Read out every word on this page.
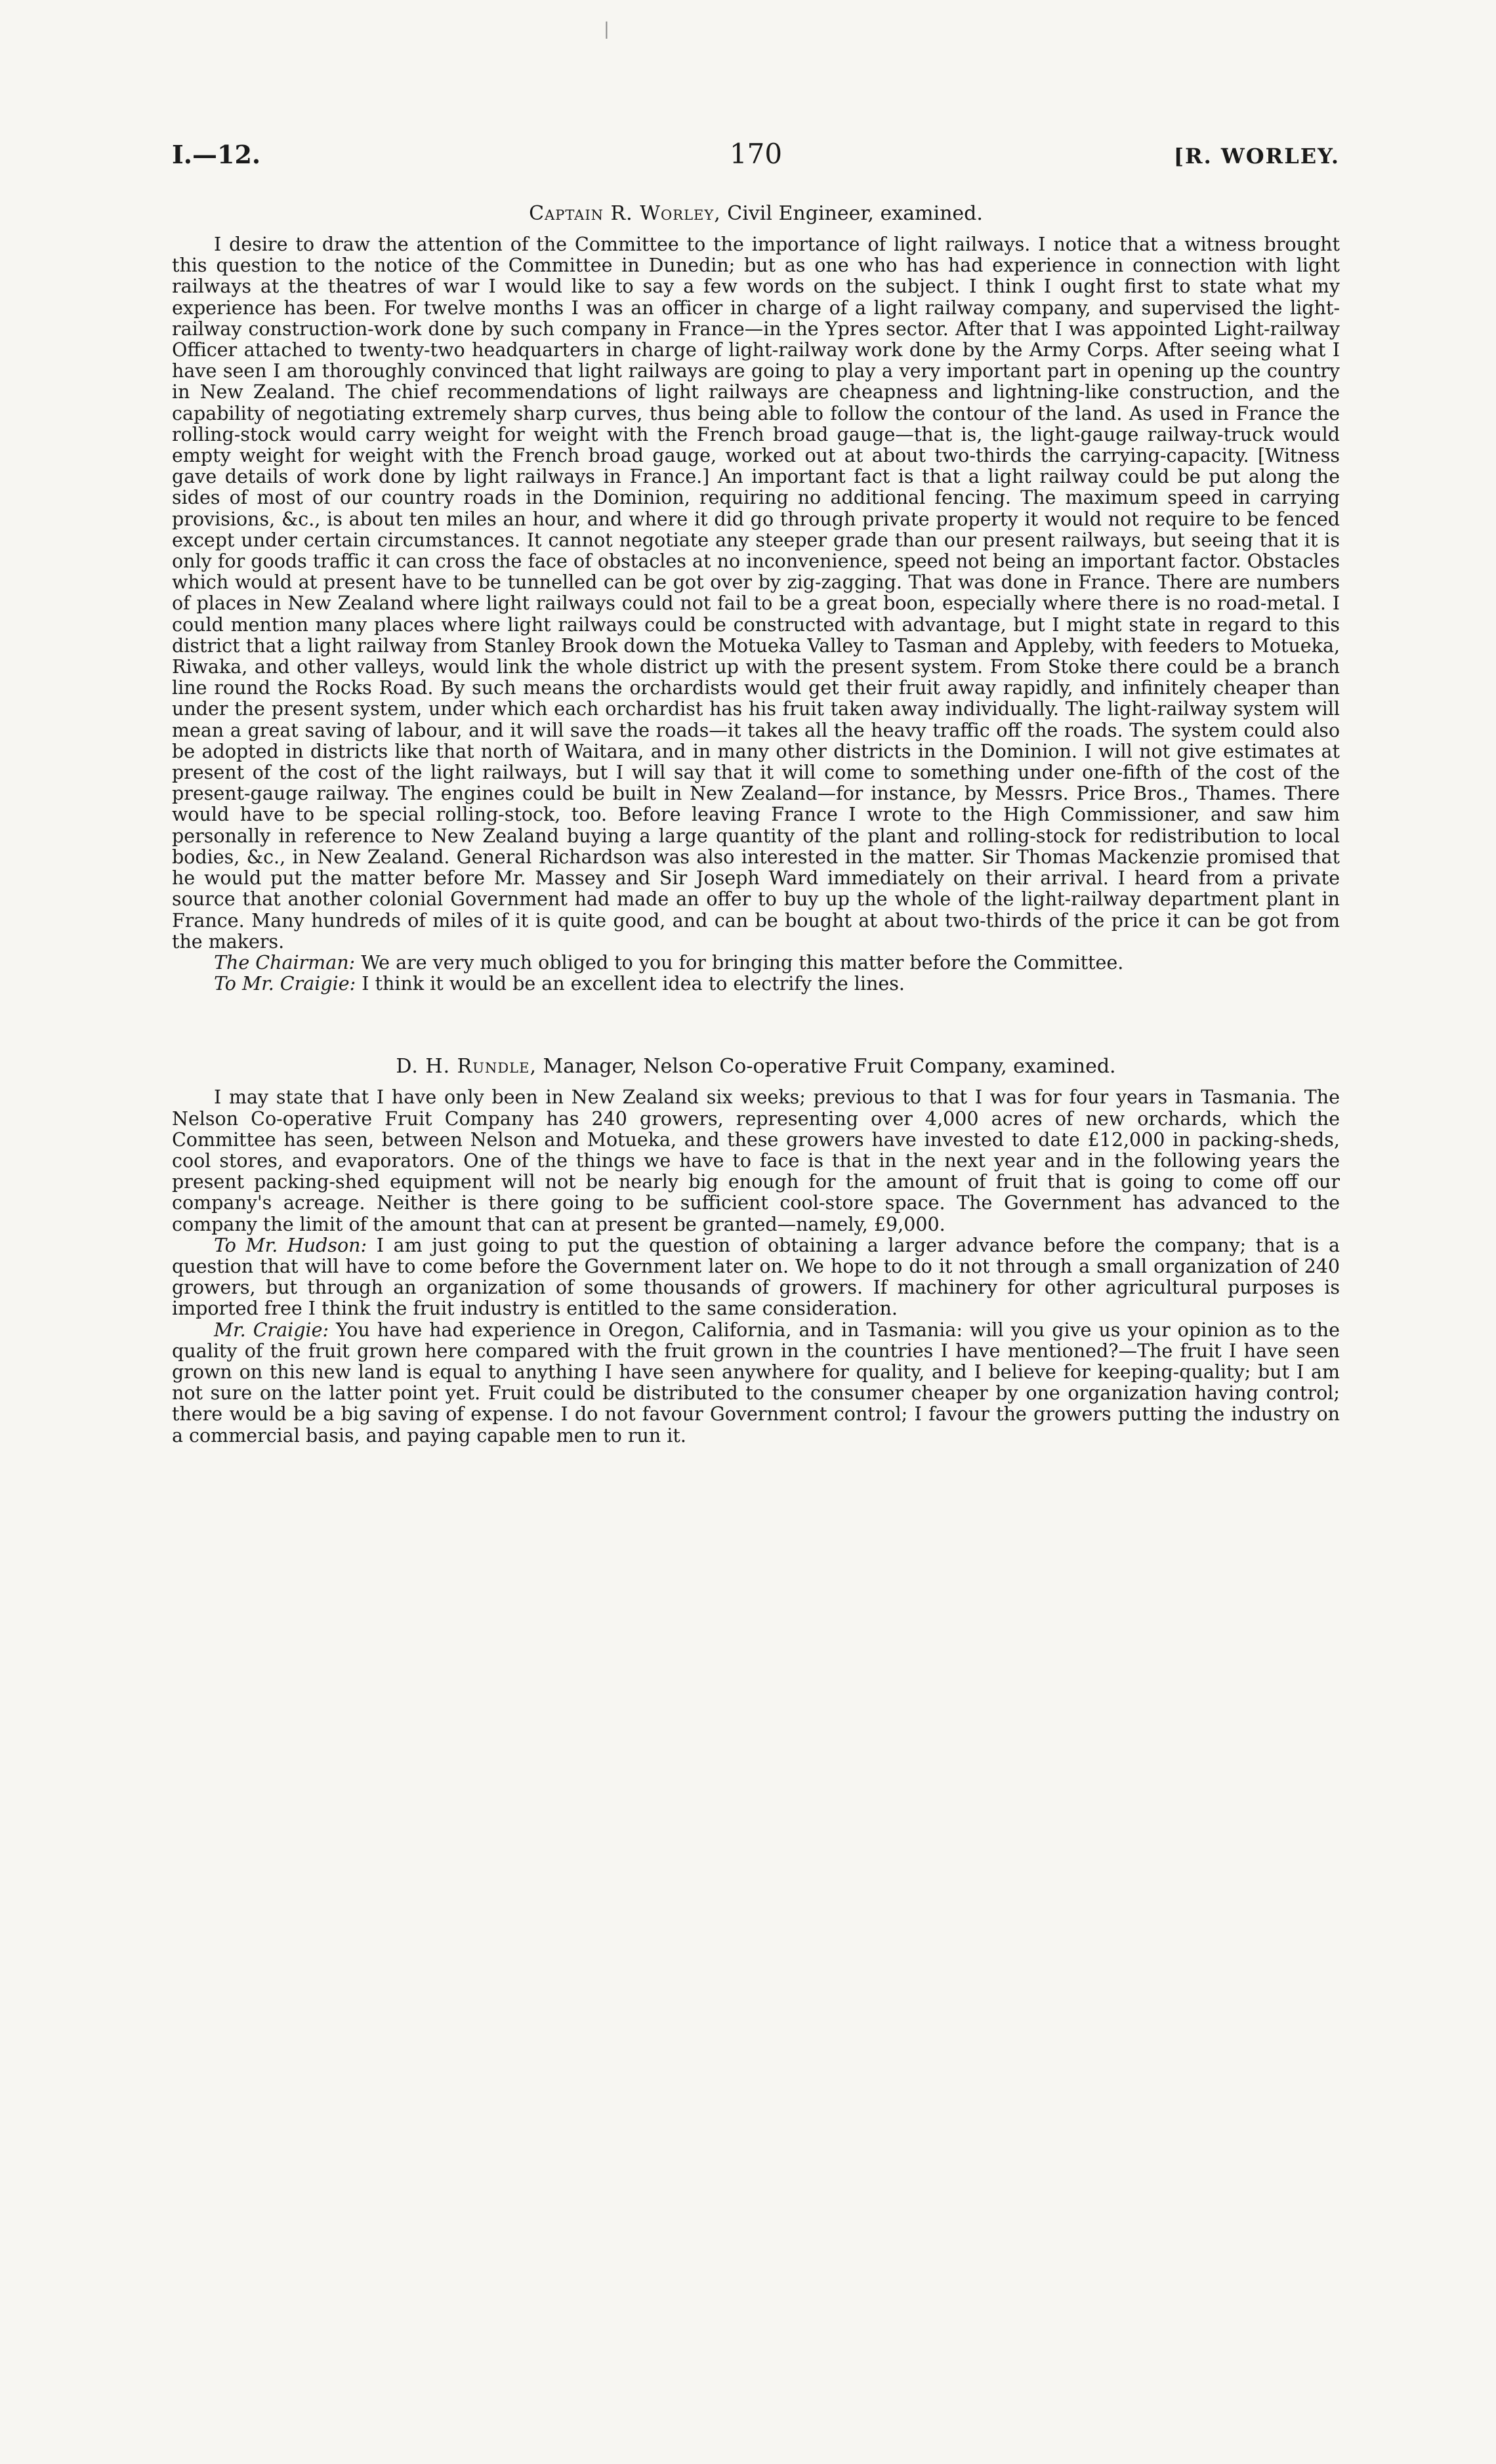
|
I.—12.	170	[R. WORLEY.
Captain R. Worley, Civil Engineer, examined.

I desire to draw the attention of the Committee to the importance of light railways. I notice that a witness brought this question to the notice of the Committee in Dunedin; but as one who has had experience in connection with light railways at the theatres of war I would like to say a few words on the subject. I think I ought first to state what my experience has been. For twelve months I was an officer in charge of a light railway company, and supervised the light-railway construction-work done by such company in France—in the Ypres sector. After that I was appointed Light-railway Officer attached to twenty-two headquarters in charge of light-railway work done by the Army Corps. After seeing what I have seen I am thoroughly convinced that light railways are going to play a very important part in opening up the country in New Zealand. The chief recommendations of light railways are cheapness and lightning-like construction, and the capability of negotiating extremely sharp curves, thus being able to follow the contour of the land. As used in France the rolling-stock would carry weight for weight with the French broad gauge—that is, the light-gauge railway-truck would empty weight for weight with the French broad gauge, worked out at about two-thirds the carrying-capacity. [Witness gave details of work done by light railways in France.] An important fact is that a light railway could be put along the sides of most of our country roads in the Dominion, requiring no additional fencing. The maximum speed in carrying provisions, &c., is about ten miles an hour, and where it did go through private property it would not require to be fenced except under certain circumstances. It cannot negotiate any steeper grade than our present railways, but seeing that it is only for goods traffic it can cross the face of obstacles at no inconvenience, speed not being an important factor. Obstacles which would at present have to be tunnelled can be got over by zig-zagging. That was done in France. There are numbers of places in New Zealand where light railways could not fail to be a great boon, especially where there is no road-metal. I could mention many places where light railways could be constructed with advantage, but I might state in regard to this district that a light railway from Stanley Brook down the Motueka Valley to Tasman and Appleby, with feeders to Motueka, Riwaka, and other valleys, would link the whole district up with the present system. From Stoke there could be a branch line round the Rocks Road. By such means the orchardists would get their fruit away rapidly, and infinitely cheaper than under the present system, under which each orchardist has his fruit taken away individually. The light-railway system will mean a great saving of labour, and it will save the roads—it takes all the heavy traffic off the roads. The system could also be adopted in districts like that north of Waitara, and in many other districts in the Dominion. I will not give estimates at present of the cost of the light railways, but I will say that it will come to something under one-fifth of the cost of the present-gauge railway. The engines could be built in New Zealand—for instance, by Messrs. Price Bros., Thames. There would have to be special rolling-stock, too. Before leaving France I wrote to the High Commissioner, and saw him personally in reference to New Zealand buying a large quantity of the plant and rolling-stock for redistribution to local bodies, &c., in New Zealand. General Richardson was also interested in the matter. Sir Thomas Mackenzie promised that he would put the matter before Mr. Massey and Sir Joseph Ward immediately on their arrival. I heard from a private source that another colonial Government had made an offer to buy up the whole of the light-railway department plant in France. Many hundreds of miles of it is quite good, and can be bought at about two-thirds of the price it can be got from the makers.

The Chairman: We are very much obliged to you for bringing this matter before the Committee.

To Mr. Craigie: I think it would be an excellent idea to electrify the lines.

D. H. Rundle, Manager, Nelson Co-operative Fruit Company, examined.

I may state that I have only been in New Zealand six weeks; previous to that I was for four years in Tasmania. The Nelson Co-operative Fruit Company has 240 growers, representing over 4,000 acres of new orchards, which the Committee has seen, between Nelson and Motueka, and these growers have invested to date £12,000 in packing-sheds, cool stores, and evaporators. One of the things we have to face is that in the next year and in the following years the present packing-shed equipment will not be nearly big enough for the amount of fruit that is going to come off our company's acreage. Neither is there going to be sufficient cool-store space. The Government has advanced to the company the limit of the amount that can at present be granted—namely, £9,000.

To Mr. Hudson: I am just going to put the question of obtaining a larger advance before the company; that is a question that will have to come before the Government later on. We hope to do it not through a small organization of 240 growers, but through an organization of some thousands of growers. If machinery for other agricultural purposes is imported free I think the fruit industry is entitled to the same consideration.

Mr. Craigie: You have had experience in Oregon, California, and in Tasmania: will you give us your opinion as to the quality of the fruit grown here compared with the fruit grown in the countries I have mentioned?—The fruit I have seen grown on this new land is equal to anything I have seen anywhere for quality, and I believe for keeping-quality; but I am not sure on the latter point yet. Fruit could be distributed to the consumer cheaper by one organization having control; there would be a big saving of expense. I do not favour Government control; I favour the growers putting the industry on a commercial basis, and paying capable men to run it.
